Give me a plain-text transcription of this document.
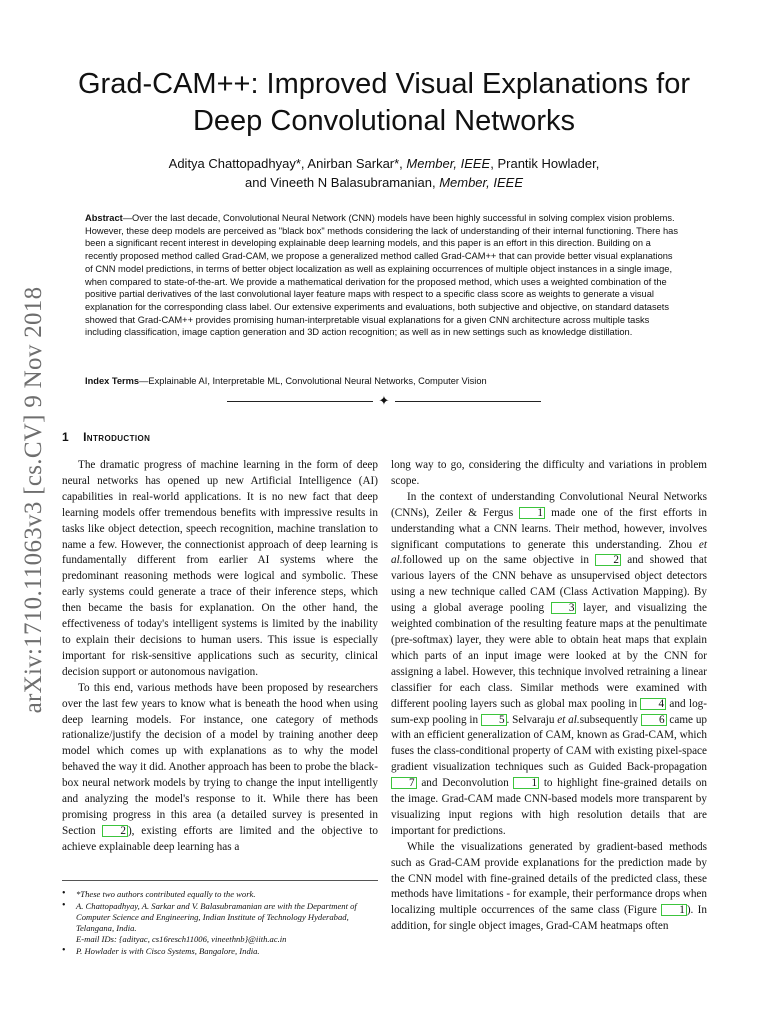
arXiv:1710.11063v3 [cs.CV] 9 Nov 2018
Grad-CAM++: Improved Visual Explanations for
Deep Convolutional Networks
Aditya Chattopadhyay*, Anirban Sarkar*, Member, IEEE, Prantik Howlader,
and Vineeth N Balasubramanian, Member, IEEE

Abstract—Over the last decade, Convolutional Neural Network (CNN) models have been highly successful in solving complex vision problems. However, these deep models are perceived as "black box" methods considering the lack of understanding of their internal functioning. There has been a significant recent interest in developing explainable deep learning models, and this paper is an effort in this direction. Building on a recently proposed method called Grad-CAM, we propose a generalized method called Grad-CAM++ that can provide better visual explanations of CNN model predictions, in terms of better object localization as well as explaining occurrences of multiple object instances in a single image, when compared to state-of-the-art. We provide a mathematical derivation for the proposed method, which uses a weighted combination of the positive partial derivatives of the last convolutional layer feature maps with respect to a specific class score as weights to generate a visual explanation for the corresponding class label. Our extensive experiments and evaluations, both subjective and objective, on standard datasets showed that Grad-CAM++ provides promising human-interpretable visual explanations for a given CNN architecture across multiple tasks including classification, image caption generation and 3D action recognition; as well as in new settings such as knowledge distillation.

Index Terms—Explainable AI, Interpretable ML, Convolutional Neural Networks, Computer Vision

✦
1 Introduction

The dramatic progress of machine learning in the form of deep neural networks has opened up new Artificial Intelligence (AI) capabilities in real-world applications. It is no new fact that deep learning models offer tremendous benefits with impressive results in tasks like object detection, speech recognition, machine translation to name a few. However, the connectionist approach of deep learning is fundamentally different from earlier AI systems where the predominant reasoning methods were logical and symbolic. These early systems could generate a trace of their inference steps, which then became the basis for explanation. On the other hand, the effectiveness of today's intelligent systems is limited by the inability to explain their decisions to human users. This issue is especially important for risk-sensitive applications such as security, clinical decision support or autonomous navigation.

To this end, various methods have been proposed by researchers over the last few years to know what is beneath the hood when using deep learning models. For instance, one category of methods rationalize/justify the decision of a model by training another deep model which comes up with explanations as to why the model behaved the way it did. Another approach has been to probe the black-box neural network models by trying to change the input intelligently and analyzing the model's response to it. While there has been promising progress in this area (a detailed survey is presented in Section 2 ), existing efforts are limited and the objective to achieve explainable deep learning has a

long way to go, considering the difficulty and variations in problem scope.

In the context of understanding Convolutional Neural Networks (CNNs), Zeiler & Fergus 1 made one of the first efforts in understanding what a CNN learns. Their method, however, involves significant computations to generate this understanding. Zhou et al.followed up on the same objective in 2 and showed that various layers of the CNN behave as unsupervised object detectors using a new technique called CAM (Class Activation Mapping). By using a global average pooling 3 layer, and visualizing the weighted combination of the resulting feature maps at the penultimate (pre-softmax) layer, they were able to obtain heat maps that explain which parts of an input image were looked at by the CNN for assigning a label. However, this technique involved retraining a linear classifier for each class. Similar methods were examined with different pooling layers such as global max pooling in 4 and log-sum-exp pooling in 5 . Selvaraju et al.subsequently 6 came up with an efficient generalization of CAM, known as Grad-CAM, which fuses the class-conditional property of CAM with existing pixel-space gradient visualization techniques such as Guided Back-propagation 7 and Deconvolution 1 to highlight fine-grained details on the image. Grad-CAM made CNN-based models more transparent by visualizing input regions with high resolution details that are important for predictions.

While the visualizations generated by gradient-based methods such as Grad-CAM provide explanations for the prediction made by the CNN model with fine-grained details of the predicted class, these methods have limitations - for example, their performance drops when localizing multiple occurrences of the same class (Figure 1 ). In addition, for single object images, Grad-CAM heatmaps often

• *These two authors contributed equally to the work.
• A. Chattopadhyay, A. Sarkar and V. Balasubramanian are with the Department of Computer Science and Engineering, Indian Institute of Technology Hyderabad, Telangana, India.
E-mail IDs: {adityac, cs16resch11006, vineethnb}@iith.ac.in
• P. Howlader is with Cisco Systems, Bangalore, India.
